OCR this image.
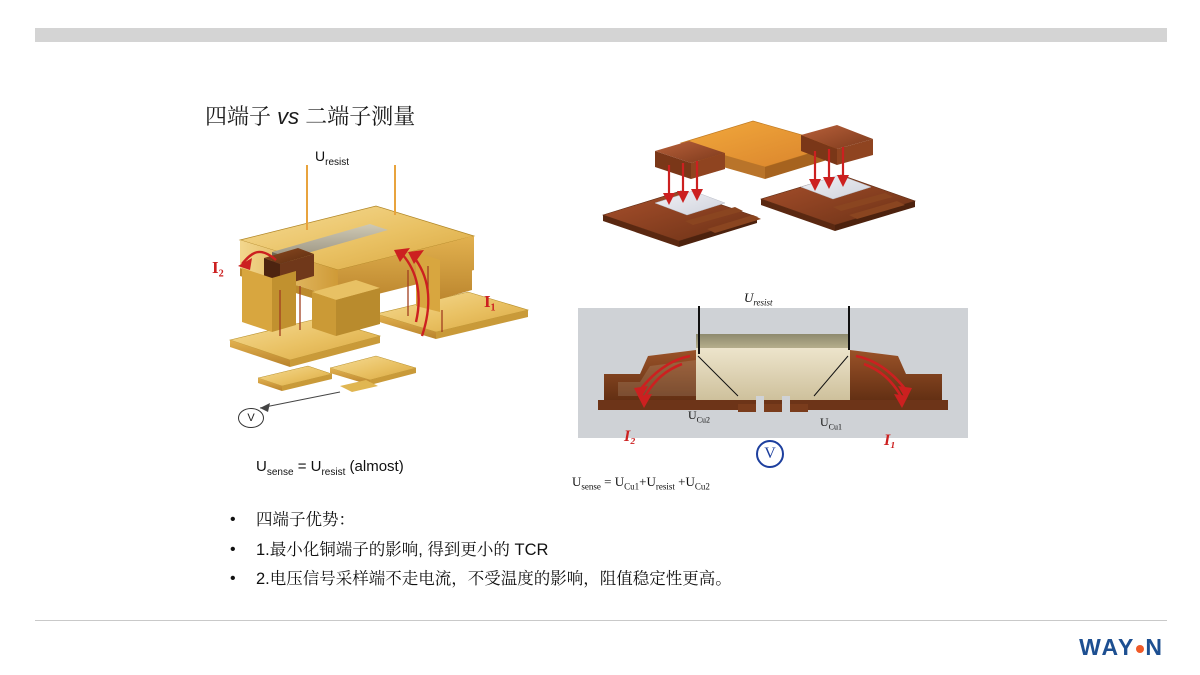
四端子 vs 二端子测量
$U_{resist}$
I₂
I₁
V
$U_{sense} = U_{resist}$ (almost)
$U_{resist}$
$U_{Cu2}$	$U_{Cu1}$
I₂	I₁
V
$U_{sense} = U_{Cu1}+U_{resist} +U_{Cu2}$
•	四端子优势：
•	1.最小化铜端子的影响, 得到更小的 TCR
•	2.电压信号采样端不走电流，不受温度的影响，阻值稳定性更高。
WAY N
